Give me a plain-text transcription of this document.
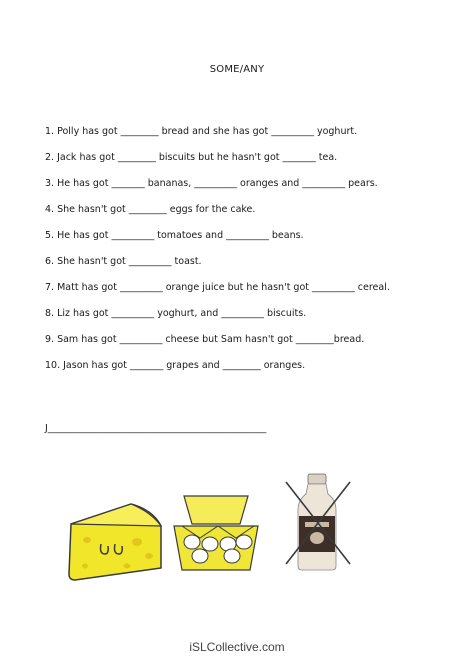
SOME/ANY
1. Polly has got ________ bread and she has got _________ yoghurt.
2. Jack has got ________ biscuits but he hasn't got _______ tea.
3. He has got _______ bananas, _________ oranges and _________ pears.
4. She hasn't got ________ eggs for the cake.
5. He has got _________ tomatoes and _________ beans.
6. She hasn't got _________ toast.
7. Matt has got _________ orange juice but he hasn't got _________ cereal.
8. Liz has got _________ yoghurt, and _________ biscuits.
9. Sam has got _________ cheese but Sam hasn't got ________bread.
10. Jason has got _______ grapes and ________ oranges.
J______________________________________________
iSLCollective.com
